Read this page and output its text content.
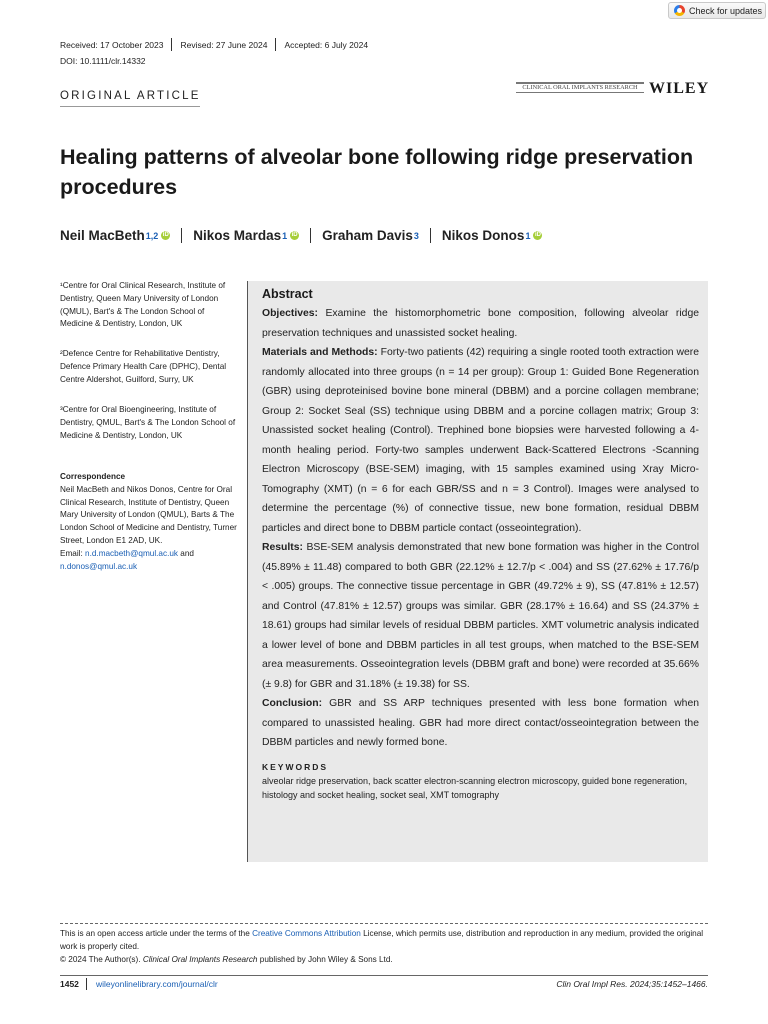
Check for updates
Received: 17 October 2023 Revised: 27 June 2024 Accepted: 6 July 2024
DOI: 10.1111/clr.14332
ORIGINAL ARTICLE
CLINICAL ORAL IMPLANTS RESEARCH WILEY
Healing patterns of alveolar bone following ridge preservation procedures
Neil MacBeth 1,2 iD Nikos Mardas 1 iD Graham Davis 3 Nikos Donos 1 iD
¹Centre for Oral Clinical Research, Institute of Dentistry, Queen Mary University of London (QMUL), Bart's & The London School of Medicine & Dentistry, London, UK
²Defence Centre for Rehabilitative Dentistry, Defence Primary Health Care (DPHC), Dental Centre Aldershot, Guilford, Surry, UK
³Centre for Oral Bioengineering, Institute of Dentistry, QMUL, Bart's & The London School of Medicine & Dentistry, London, UK
Correspondence
Neil MacBeth and Nikos Donos, Centre for Oral Clinical Research, Institute of Dentistry, Queen Mary University of London (QMUL), Barts & The London School of Medicine and Dentistry, Turner Street, London E1 2AD, UK.
Email: n.d.macbeth@qmul.ac.uk and n.donos@qmul.ac.uk
Abstract

Objectives: Examine the histomorphometric bone composition, following alveolar ridge preservation techniques and unassisted socket healing.

Materials and Methods: Forty-two patients (42) requiring a single rooted tooth extraction were randomly allocated into three groups (n = 14 per group): Group 1: Guided Bone Regeneration (GBR) using deproteinised bovine bone mineral (DBBM) and a porcine collagen membrane; Group 2: Socket Seal (SS) technique using DBBM and a porcine collagen matrix; Group 3: Unassisted socket healing (Control). Trephined bone biopsies were harvested following a 4-month healing period. Forty-two samples underwent Back-Scattered Electrons -Scanning Electron Microscopy (BSE-SEM) imaging, with 15 samples examined using Xray Micro-Tomography (XMT) (n = 6 for each GBR/SS and n = 3 Control). Images were analysed to determine the percentage (%) of connective tissue, new bone formation, residual DBBM particles and direct bone to DBBM particle contact (osseointegration).

Results: BSE-SEM analysis demonstrated that new bone formation was higher in the Control (45.89% ± 11.48) compared to both GBR (22.12% ± 12.7/p < .004) and SS (27.62% ± 17.76/p < .005) groups. The connective tissue percentage in GBR (49.72% ± 9), SS (47.81% ± 12.57) and Control (47.81% ± 12.57) groups was similar. GBR (28.17% ± 16.64) and SS (24.37% ± 18.61) groups had similar levels of residual DBBM particles. XMT volumetric analysis indicated a lower level of bone and DBBM particles in all test groups, when matched to the BSE-SEM area measurements. Osseointegration levels (DBBM graft and bone) were recorded at 35.66% (± 9.8) for GBR and 31.18% (± 19.38) for SS.

Conclusion: GBR and SS ARP techniques presented with less bone formation when compared to unassisted healing. GBR had more direct contact/osseointegration between the DBBM particles and newly formed bone.

KEYWORDS
alveolar ridge preservation, back scatter electron-scanning electron microscopy, guided bone regeneration, histology and socket healing, socket seal, XMT tomography
This is an open access article under the terms of the Creative Commons Attribution License, which permits use, distribution and reproduction in any medium, provided the original work is properly cited.
© 2024 The Author(s). Clinical Oral Implants Research published by John Wiley & Sons Ltd.
1452 wileyonlinelibrary.com/journal/clr	Clin Oral Impl Res. 2024;35:1452–1466.
